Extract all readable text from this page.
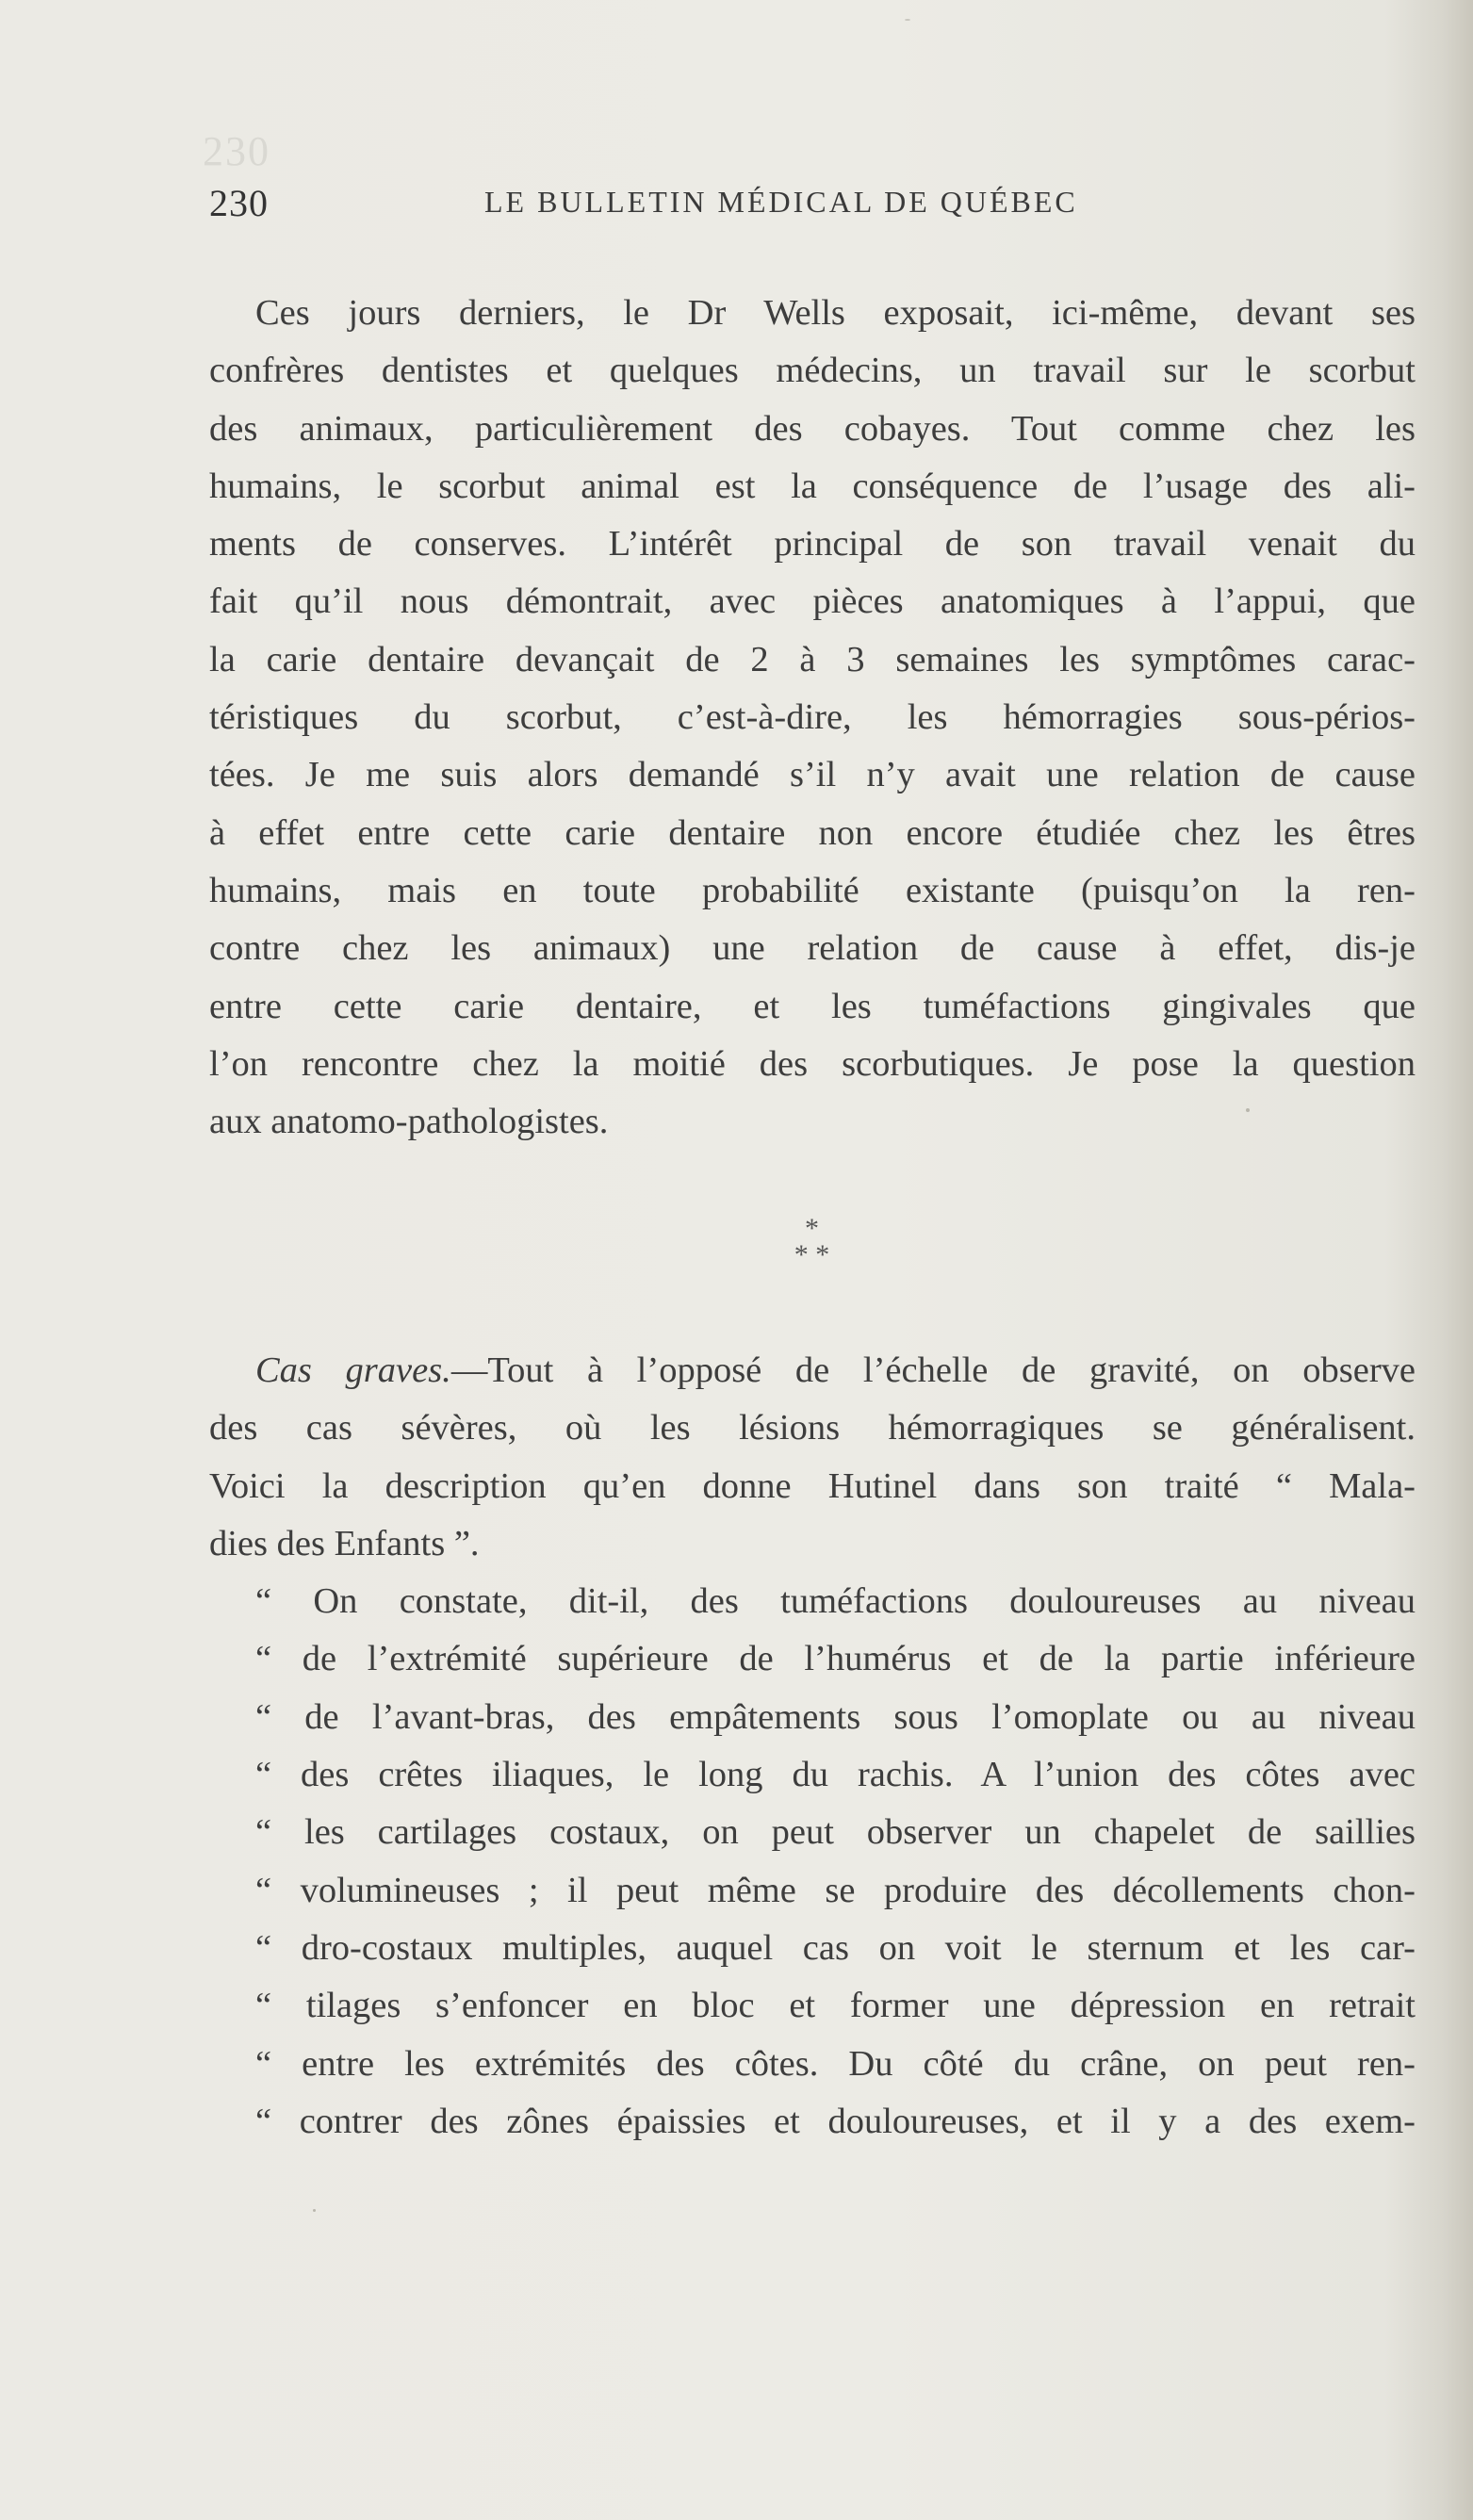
230
230	LE BULLETIN MÉDICAL DE QUÉBEC
Ces jours derniers, le Dr Wells exposait, ici-même, devant ses
confrères dentistes et quelques médecins, un travail sur le scorbut
des animaux, particulièrement des cobayes. Tout comme chez les
humains, le scorbut animal est la conséquence de l’usage des ali-
ments de conserves. L’intérêt principal de son travail venait du
fait qu’il nous démontrait, avec pièces anatomiques à l’appui, que
la carie dentaire devançait de 2 à 3 semaines les symptômes carac-
téristiques du scorbut, c’est-à-dire, les hémorragies sous-périos-
tées. Je me suis alors demandé s’il n’y avait une relation de cause
à effet entre cette carie dentaire non encore étudiée chez les êtres
humains, mais en toute probabilité existante (puisqu’on la ren-
contre chez les animaux) une relation de cause à effet, dis-je
entre cette carie dentaire, et les tuméfactions gingivales que
l’on rencontre chez la moitié des scorbutiques. Je pose la question
aux anatomo-pathologistes.
*
* *
Cas graves.—Tout à l’opposé de l’échelle de gravité, on observe
des cas sévères, où les lésions hémorragiques se généralisent.
Voici la description qu’en donne Hutinel dans son traité “ Mala-
dies des Enfants ”.
“ On constate, dit-il, des tuméfactions douloureuses au niveau
“ de l’extrémité supérieure de l’humérus et de la partie inférieure
“ de l’avant-bras, des empâtements sous l’omoplate ou au niveau
“ des crêtes iliaques, le long du rachis. A l’union des côtes avec
“ les cartilages costaux, on peut observer un chapelet de saillies
“ volumineuses ; il peut même se produire des décollements chon-
“ dro-costaux multiples, auquel cas on voit le sternum et les car-
“ tilages s’enfoncer en bloc et former une dépression en retrait
“ entre les extrémités des côtes. Du côté du crâne, on peut ren-
“ contrer des zônes épaissies et douloureuses, et il y a des exem-
